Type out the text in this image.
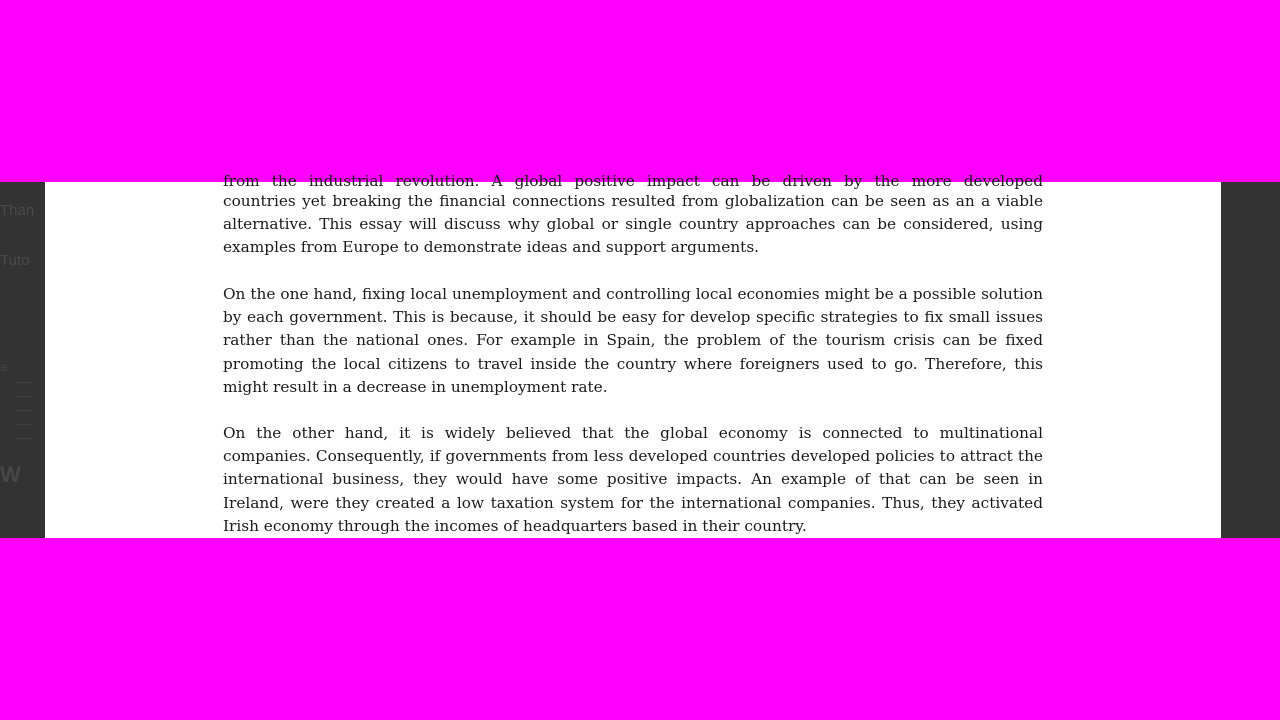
Than
Tuto
≡
W
from the industrial revolution. A global positive impact can be driven by the more developed

countries yet breaking the financial connections resulted from globalization can be seen as an a viable alternative. This essay will discuss why global or single country approaches can be considered, using examples from Europe to demonstrate ideas and support arguments.

On the one hand, fixing local unemployment and controlling local economies might be a possible solution by each government. This is because, it should be easy for develop specific strategies to fix small issues rather than the national ones. For example in Spain, the problem of the tourism crisis can be fixed promoting the local citizens to travel inside the country where foreigners used to go. Therefore, this might result in a decrease in unemployment rate.

On the other hand, it is widely believed that the global economy is connected to multinational companies. Consequently, if governments from less developed countries developed policies to attract the international business, they would have some positive impacts. An example of that can be seen in Ireland, were they created a low taxation system for the international companies. Thus, they activated Irish economy through the incomes of headquarters based in their country.
